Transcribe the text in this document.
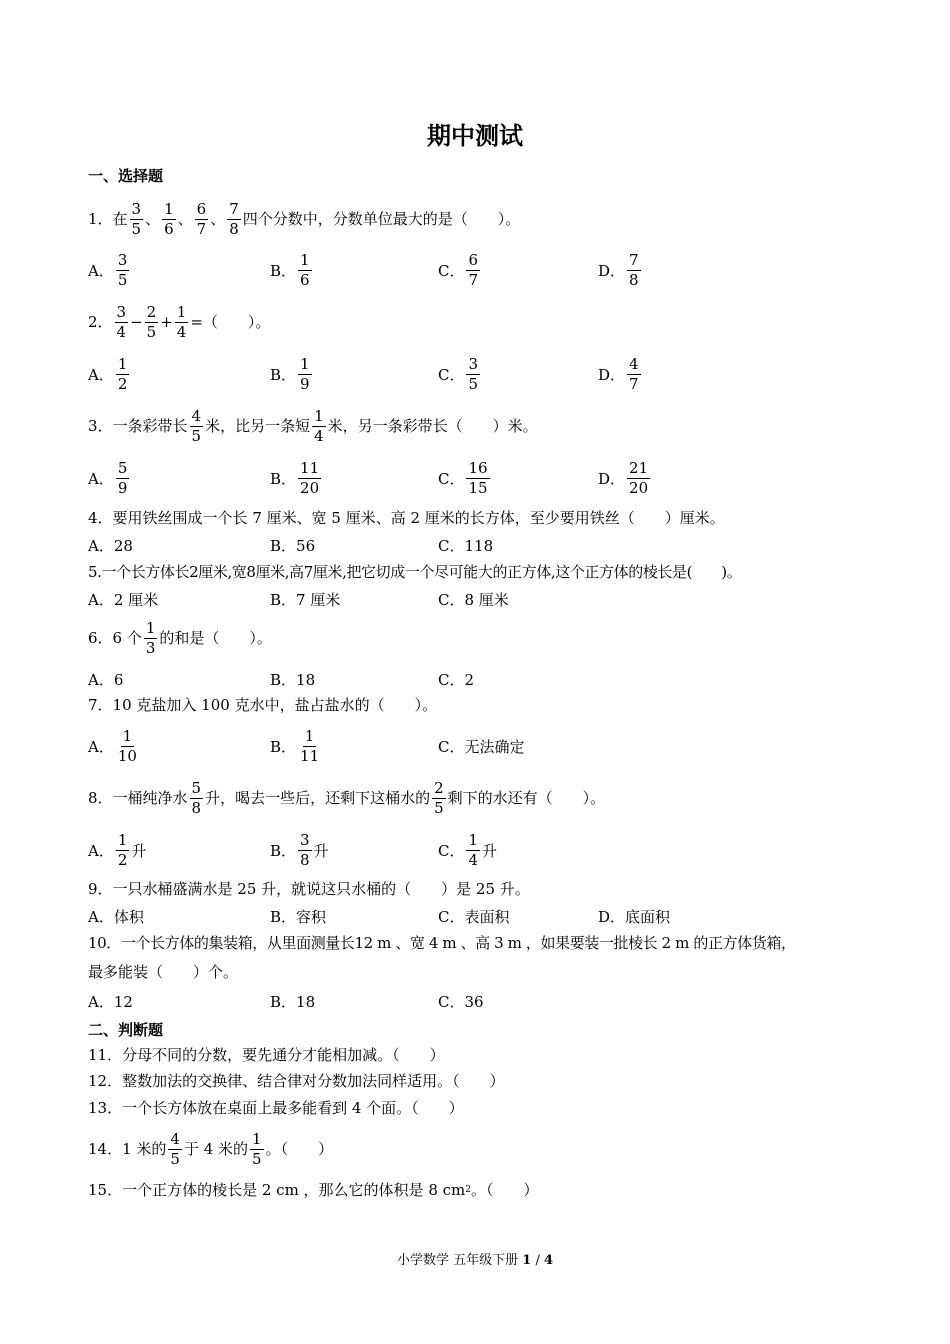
期中测试
一、选择题
1．在 $\frac{3}{5}$ 、 $\frac{1}{6}$ 、 $\frac{6}{7}$ 、 $\frac{7}{8}$ 四个分数中，分数单位最大的是（　　）。
A． $\frac{3}{5}$	B． $\frac{1}{6}$	C． $\frac{6}{7}$	D． $\frac{7}{8}$
2． $\frac{3}{4} - \frac{2}{5} + \frac{1}{4}$ =（　　）。
A． $\frac{1}{2}$	B． $\frac{1}{9}$	C． $\frac{3}{5}$	D． $\frac{4}{7}$
3．一条彩带长 $\frac{4}{5}$ 米，比另一条短 $\frac{1}{4}$ 米，另一条彩带长（　　）米。
A． $\frac{5}{9}$	B． $\frac{11}{20}$	C． $\frac{16}{15}$	D． $\frac{21}{20}$
4．要用铁丝围成一个长 7 厘米、宽 5 厘米、高 2 厘米的长方体，至少要用铁丝（　　）厘米。
A．28	B．56	C．118
5.一个长方体长2厘米,宽8厘米,高7厘米,把它切成一个尽可能大的正方体,这个正方体的棱长是(　　)。
A．2 厘米	B．7 厘米	C．8 厘米
6．6 个 $\frac{1}{3}$ 的和是（　　）。
A．6	B．18	C．2
7．10 克盐加入 100 克水中，盐占盐水的（　　）。
A． $\frac{1}{10}$	B． $\frac{1}{11}$	C．无法确定
8．一桶纯净水 $\frac{5}{8}$ 升，喝去一些后，还剩下这桶水的 $\frac{2}{5}$ 剩下的水还有（　　）。
A． $\frac{1}{2}$ 升	B． $\frac{3}{8}$ 升	C． $\frac{1}{4}$ 升
9．一只水桶盛满水是 25 升，就说这只水桶的（　　）是 25 升。
A．体积	B．容积	C．表面积	D．底面积
10．一个长方体的集装箱，从里面测量长12 m 、宽 4 m 、高 3 m ，如果要装一批棱长 2 m 的正方体货箱，
最多能装（　　）个。
A．12	B．18	C．36
二、判断题
11．分母不同的分数，要先通分才能相加减。（　　）
12．整数加法的交换律、结合律对分数加法同样适用。（　　）
13．一个长方体放在桌面上最多能看到 4 个面。（　　）
14．1 米的 $\frac{4}{5}$ 于 4 米的 $\frac{1}{5}$ 。（　　）
15．一个正方体的棱长是 2 cm ，那么它的体积是 8 cm 2 。（　　）
小学数学 五年级下册 1 / 4
